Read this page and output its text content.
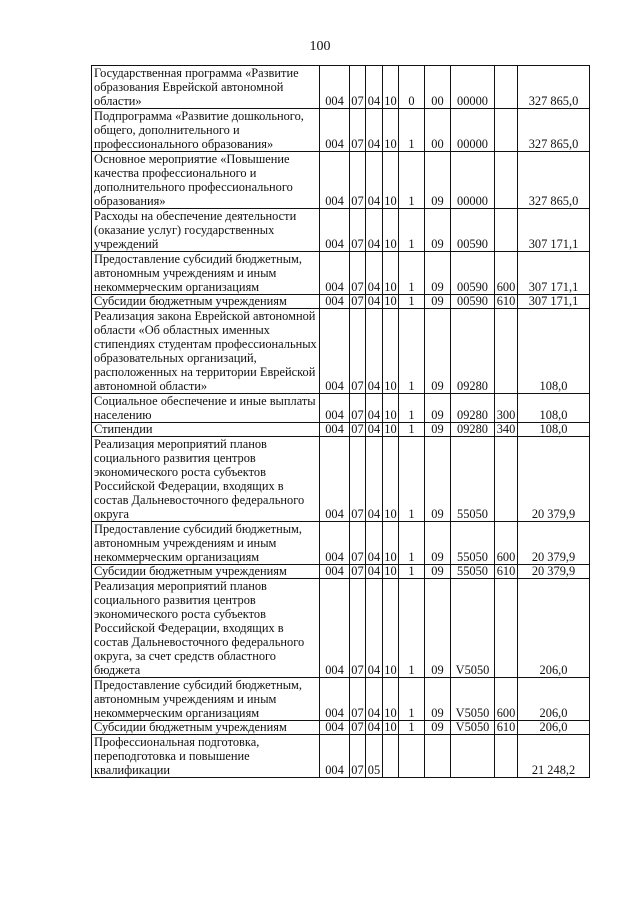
100
Государственная программа «Развитие образования Еврейской автономной области»	004	07	04	10	0	00	00000		327 865,0
Подпрограмма «Развитие дошкольного, общего, дополнительного и профессионального образования»	004	07	04	10	1	00	00000		327 865,0
Основное мероприятие «Повышение качества профессионального и дополнительного профессионального образования»	004	07	04	10	1	09	00000		327 865,0
Расходы на обеспечение деятельности (оказание услуг) государственных учреждений	004	07	04	10	1	09	00590		307 171,1
Предоставление субсидий бюджетным, автономным учреждениям и иным некоммерческим организациям	004	07	04	10	1	09	00590	600	307 171,1
Субсидии бюджетным учреждениям	004	07	04	10	1	09	00590	610	307 171,1
Реализация закона Еврейской автономной области «Об областных именных стипендиях студентам профессиональных образовательных организаций, расположенных на территории Еврейской автономной области»	004	07	04	10	1	09	09280		108,0
Социальное обеспечение и иные выплаты населению	004	07	04	10	1	09	09280	300	108,0
Стипендии	004	07	04	10	1	09	09280	340	108,0
Реализация мероприятий планов социального развития центров экономического роста субъектов Российской Федерации, входящих в состав Дальневосточного федерального округа	004	07	04	10	1	09	55050		20 379,9
Предоставление субсидий бюджетным, автономным учреждениям и иным некоммерческим организациям	004	07	04	10	1	09	55050	600	20 379,9
Субсидии бюджетным учреждениям	004	07	04	10	1	09	55050	610	20 379,9
Реализация мероприятий планов социального развития центров экономического роста субъектов Российской Федерации, входящих в состав Дальневосточного федерального округа, за счет средств областного бюджета	004	07	04	10	1	09	V5050		206,0
Предоставление субсидий бюджетным, автономным учреждениям и иным некоммерческим организациям	004	07	04	10	1	09	V5050	600	206,0
Субсидии бюджетным учреждениям	004	07	04	10	1	09	V5050	610	206,0
Профессиональная подготовка, переподготовка и повышение квалификации	004	07	05						21 248,2
